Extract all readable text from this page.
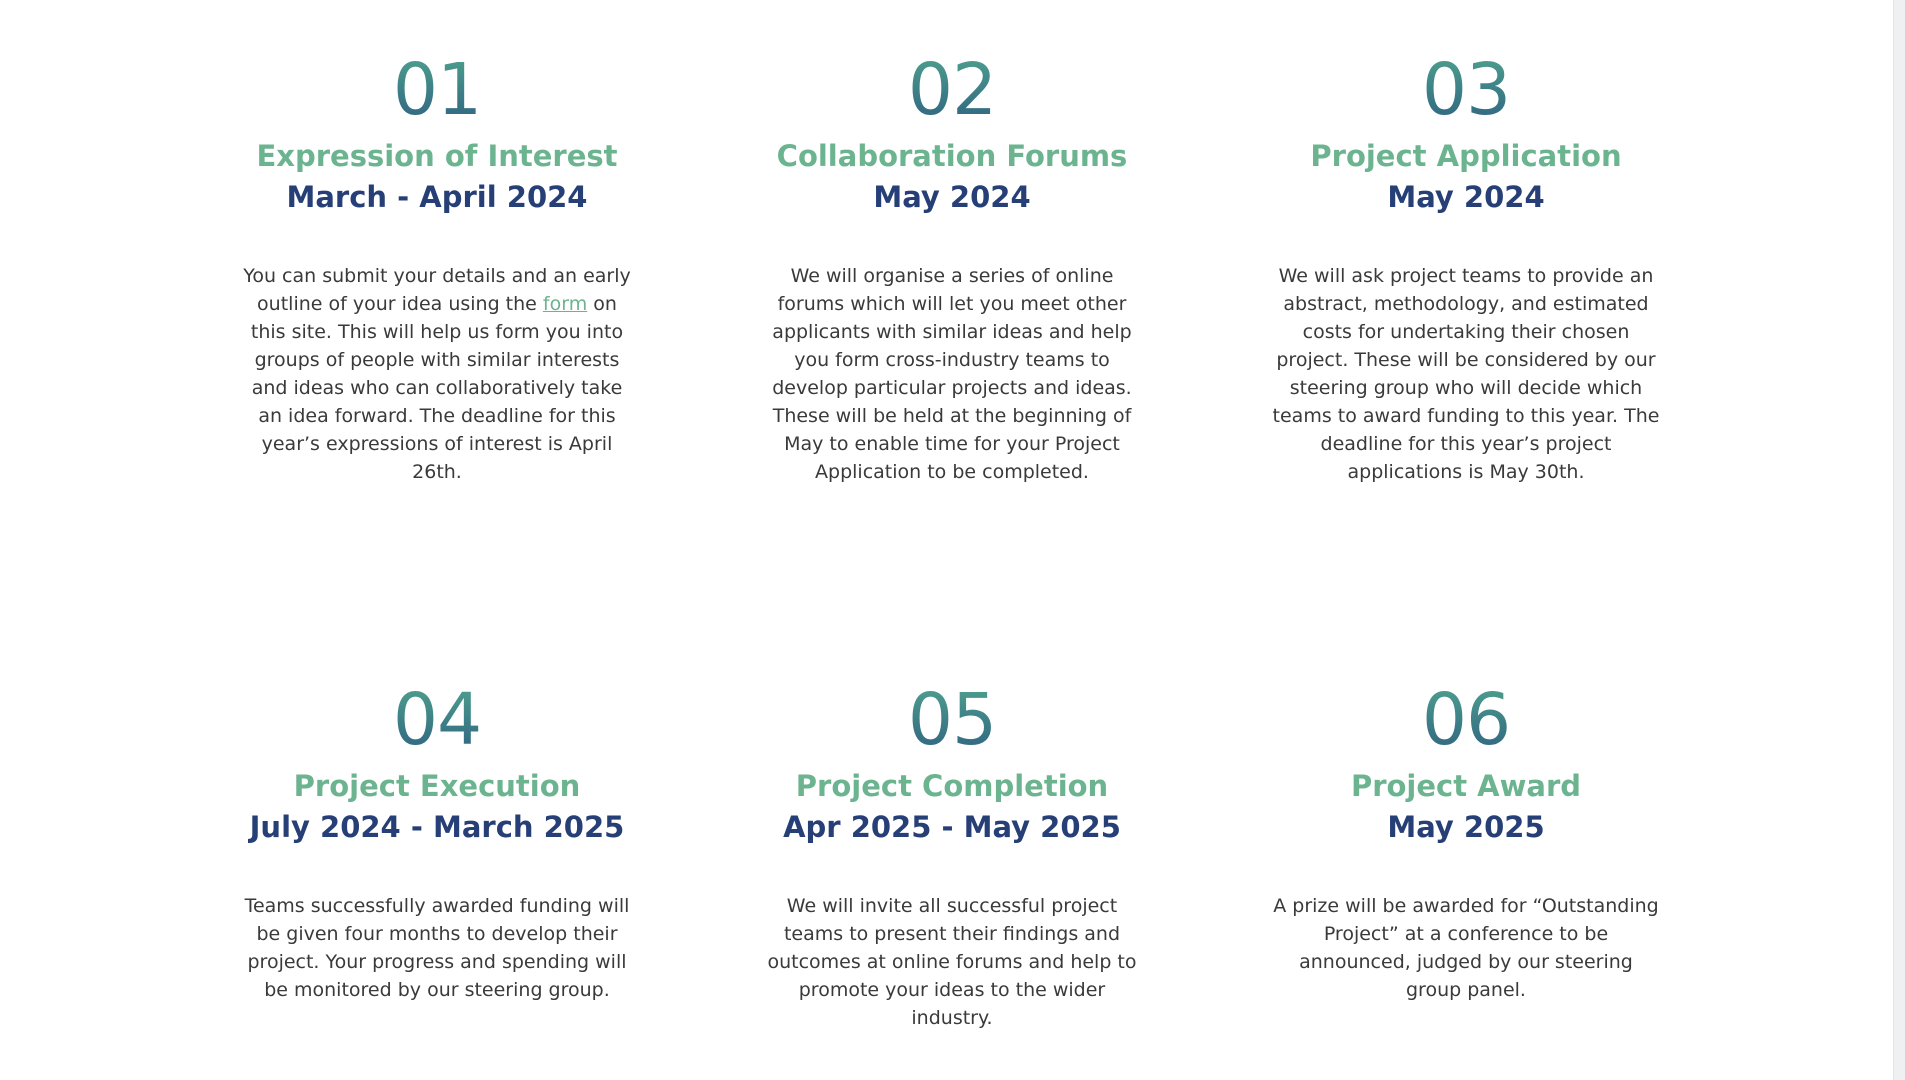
01
Expression of Interest
March - April 2024

You can submit your details and an early outline of your idea using the form on this site. This will help us form you into groups of people with similar interests and ideas who can collaboratively take an idea forward. The deadline for this year’s expressions of interest is April 26th.

02
Collaboration Forums
May 2024

We will organise a series of online forums which will let you meet other applicants with similar ideas and help you form cross-industry teams to develop particular projects and ideas. These will be held at the beginning of May to enable time for your Project Application to be completed.

03
Project Application
May 2024

We will ask project teams to provide an abstract, methodology, and estimated costs for undertaking their chosen project. These will be considered by our steering group who will decide which teams to award funding to this year. The deadline for this year’s project applications is May 30th.

04
Project Execution
July 2024 - March 2025

Teams successfully awarded funding will be given four months to develop their project. Your progress and spending will be monitored by our steering group.

05
Project Completion
Apr 2025 - May 2025

We will invite all successful project teams to present their findings and outcomes at online forums and help to promote your ideas to the wider industry.

06
Project Award
May 2025

A prize will be awarded for “Outstanding Project” at a conference to be announced, judged by our steering group panel.
